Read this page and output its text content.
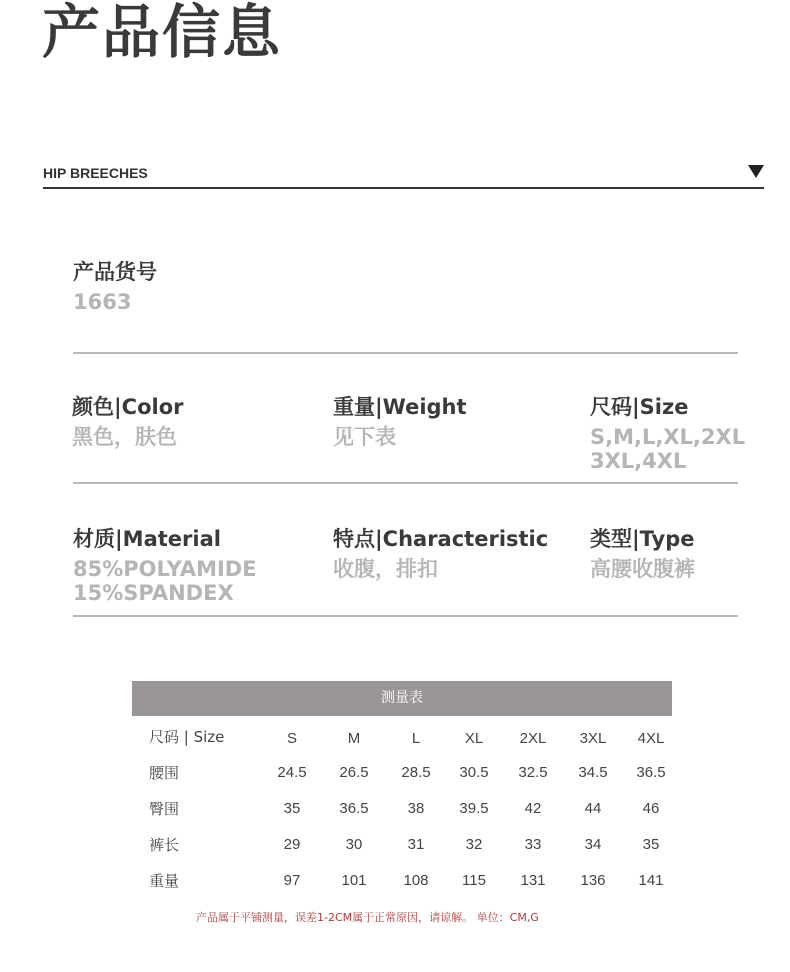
产品信息
HIP BREECHES
产品货号
1663
颜色|Color
黑色，肤色
重量|Weight
见下表
尺码|Size
S,M,L,XL,2XL
3XL,4XL
材质|Material
85%POLYAMIDE
15%SPANDEX
特点|Characteristic
收腹，排扣
类型|Type
高腰收腹裤
测量表
尺码 | Size	S	M	L	XL	2XL	3XL	4XL
腰围	24.5	26.5	28.5	30.5	32.5	34.5	36.5
臀围	35	36.5	38	39.5	42	44	46
裤长	29	30	31	32	33	34	35
重量	97	101	108	115	131	136	141
产品属于平铺测量，误差1-2CM属于正常原因，请谅解。 单位：CM,G
